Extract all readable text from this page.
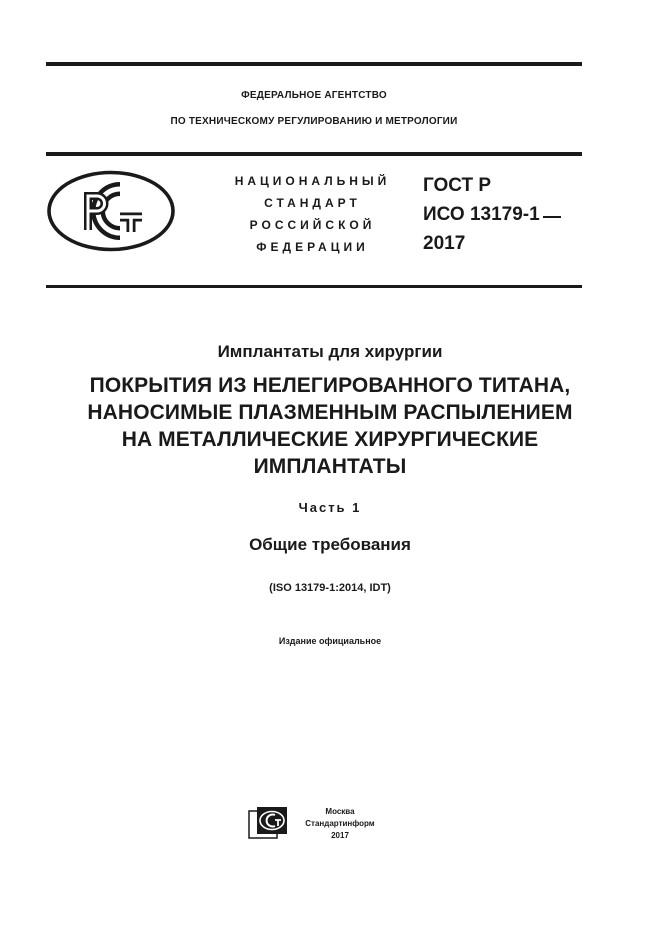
ФЕДЕРАЛЬНОЕ АГЕНТСТВО
ПО ТЕХНИЧЕСКОМУ РЕГУЛИРОВАНИЮ И МЕТРОЛОГИИ
НАЦИОНАЛЬНЫЙ
СТАНДАРТ
РОССИЙСКОЙ
ФЕДЕРАЦИИ
ГОСТ Р
ИСО 13179-1
2017
Имплантаты для хирургии
ПОКРЫТИЯ ИЗ НЕЛЕГИРОВАННОГО ТИТАНА,
НАНОСИМЫЕ ПЛАЗМЕННЫМ РАСПЫЛЕНИЕМ
НА МЕТАЛЛИЧЕСКИЕ ХИРУРГИЧЕСКИЕ
ИМПЛАНТАТЫ
Часть 1
Общие требования
(ISO 13179-1:2014, IDT)
Издание официальное
Москва
Стандартинформ
2017
